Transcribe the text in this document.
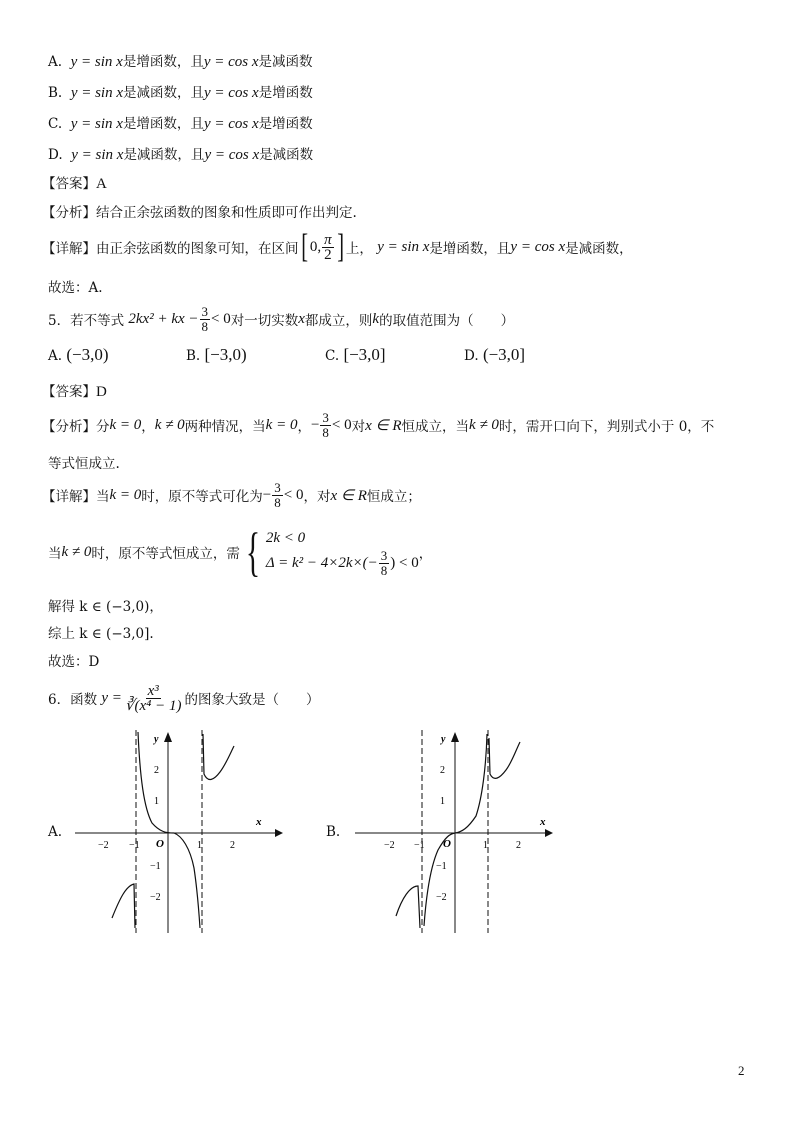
A. y = sin x是增函数，且y = cos x是减函数
B. y = sin x是减函数，且y = cos x是增函数
C. y = sin x是增函数，且y = cos x是增函数
D. y = sin x是减函数，且y = cos x是减函数
【答案】A
【分析】结合正余弦函数的图象和性质即可作出判定.
【详解】 由正余弦函数的图象可知，在区间 [ 0, $\frac{\pi}{2}$ ] 上，
y = sin x 是增函数，且 y = cos x 是减函数，
故选：A.
5． 若不等式
2kx² + kx − $\frac{3}{8} < 0$ 对一切实数 x 都成立，则 k 的取值范围为（　　）
A. (−3,0)	B. [−3,0)	C. [−3,0]	D. (−3,0]
【答案】D
【分析】 分 k = 0 ， k ≠ 0 两种情况，当 k = 0 ， − $\frac{3}{8} < 0$ 对 x ∈ R 恒成立，当 k ≠ 0 时，需开口向下，判别式小于 0，不
等式恒成立.
【详解】 当 k = 0 时，原不等式可化为 − $\frac{3}{8} < 0$ ，对 x ∈ R 恒成立；
当 k ≠ 0 时，原不等式恒成立，需 { 2k < 0
$\Delta = k^2 - 4\times 2k\times(- \frac{3}{8}$ ) < 0
，
解得 k ∈ (−3,0)，
综上 k ∈ (−3,0].
故选：D
6． 函数
$y = \frac{\text{x³}}{\text{∛(x⁴ − 1)}}$ 的图象大致是（　　）
A.
−2 −1	1	2
2
1
−1
−2
O
x
y
B.
−2 −1	1	2
2
1
−1
−2
O
x
y
2
